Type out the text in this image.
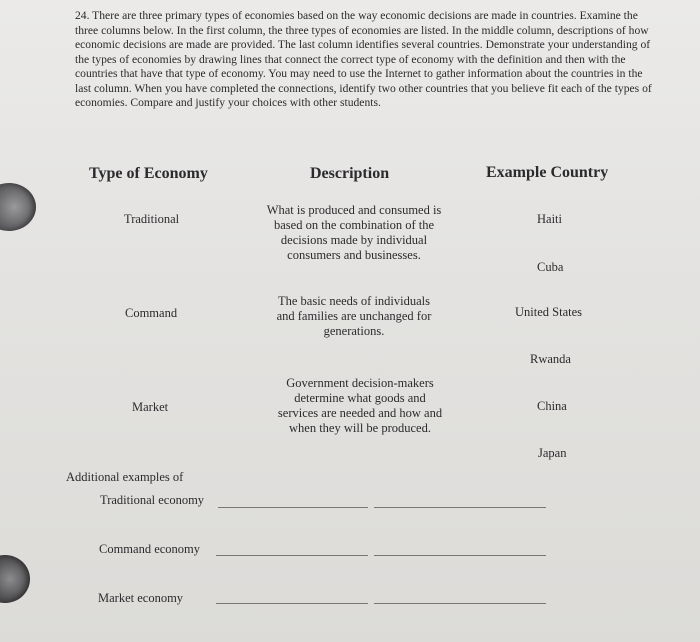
24. There are three primary types of economies based on the way economic decisions are made in countries. Examine the three columns below. In the first column, the three types of economies are listed. In the middle column, descriptions of how economic decisions are made are provided. The last column identifies several countries. Demonstrate your understanding of the types of economies by drawing lines that connect the correct type of economy with the definition and then with the countries that have that type of economy. You may need to use the Internet to gather information about the countries in the last column. When you have completed the connections, identify two other countries that you believe fit each of the types of economies. Compare and justify your choices with other students.

Type of Economy	Description	Example Country
Traditional
Command
Market
What is produced and consumed is based on the combination of the decisions made by individual consumers and businesses.
The basic needs of individuals and families are unchanged for generations.
Government decision-makers determine what goods and services are needed and how and when they will be produced.
Haiti
Cuba
United States
Rwanda
China
Japan
Additional examples of
Traditional economy
Command economy
Market economy
